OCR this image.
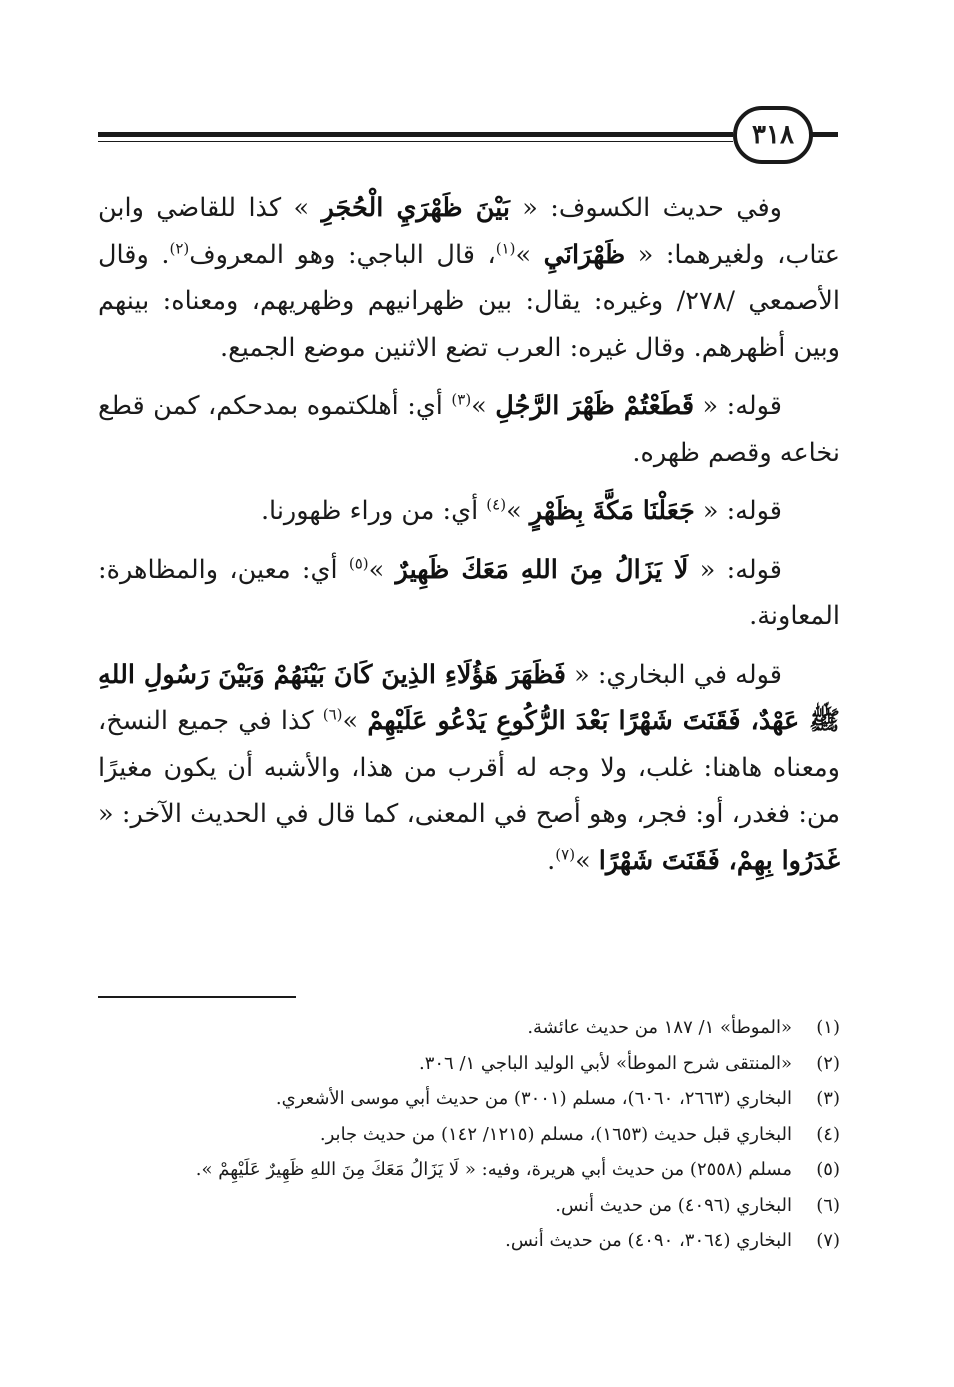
٣١٨

وفي حديث الكسوف: « بَيْنَ ظَهْرَيِ الْحُجَرِ » كذا للقاضي وابن عتاب، ولغيرهما: « ظَهْرَانَيِ »$^{(١)}$، قال الباجي: وهو المعروف$^{(٢)}$. وقال الأصمعي /٢٧٨/ وغيره: يقال: بين ظهرانيهم وظهريهم، ومعناه: بينهم وبين أظهرهم. وقال غيره: العرب تضع الاثنين موضع الجميع.

قوله: « قَطَعْتُمْ ظَهْرَ الرَّجُلِ »$^{(٣)}$ أي: أهلكتموه بمدحكم، كمن قطع نخاعه وقصم ظهره.

قوله: « جَعَلْنَا مَكَّةَ بِظَهْرٍ »$^{(٤)}$ أي: من وراء ظهورنا.

قوله: « لَا يَزَالُ مِنَ اللهِ مَعَكَ ظَهِيرٌ »$^{(٥)}$ أي: معين، والمظاهرة: المعاونة.

قوله في البخاري: « فَظَهَرَ هَؤُلَاءِ الذِينَ كَانَ بَيْنَهُمْ وَبَيْنَ رَسُولِ اللهِ ﷺ عَهْدٌ، فَقَنَتَ شَهْرًا بَعْدَ الرُّكُوعِ يَدْعُو عَلَيْهِمْ »$^{(٦)}$ كذا في جميع النسخ، ومعناه هاهنا: غلب، ولا وجه له أقرب من هذا، والأشبه أن يكون مغيرًا من: فغدر، أو: فجر، وهو أصح في المعنى، كما قال في الحديث الآخر: « غَدَرُوا بِهِمْ، فَقَنَتَ شَهْرًا »$^{(٧)}$.

(١)
«الموطأ» ١/ ١٨٧ من حديث عائشة.
(٢)
«المنتقى شرح الموطأ» لأبي الوليد الباجي ١/ ٣٠٦.
(٣)
البخاري (٢٦٦٣، ٦٠٦٠)، مسلم (٣٠٠١) من حديث أبي موسى الأشعري.
(٤)
البخاري قبل حديث (١٦٥٣)، مسلم (١٢١٥/ ١٤٢) من حديث جابر.
(٥)
مسلم (٢٥٥٨) من حديث أبي هريرة، وفيه: « لَا يَزَالُ مَعَكَ مِنَ اللهِ ظَهِيرٌ عَلَيْهِمْ ».
(٦)
البخاري (٤٠٩٦) من حديث أنس.
(٧)
البخاري (٣٠٦٤، ٤٠٩٠) من حديث أنس.
